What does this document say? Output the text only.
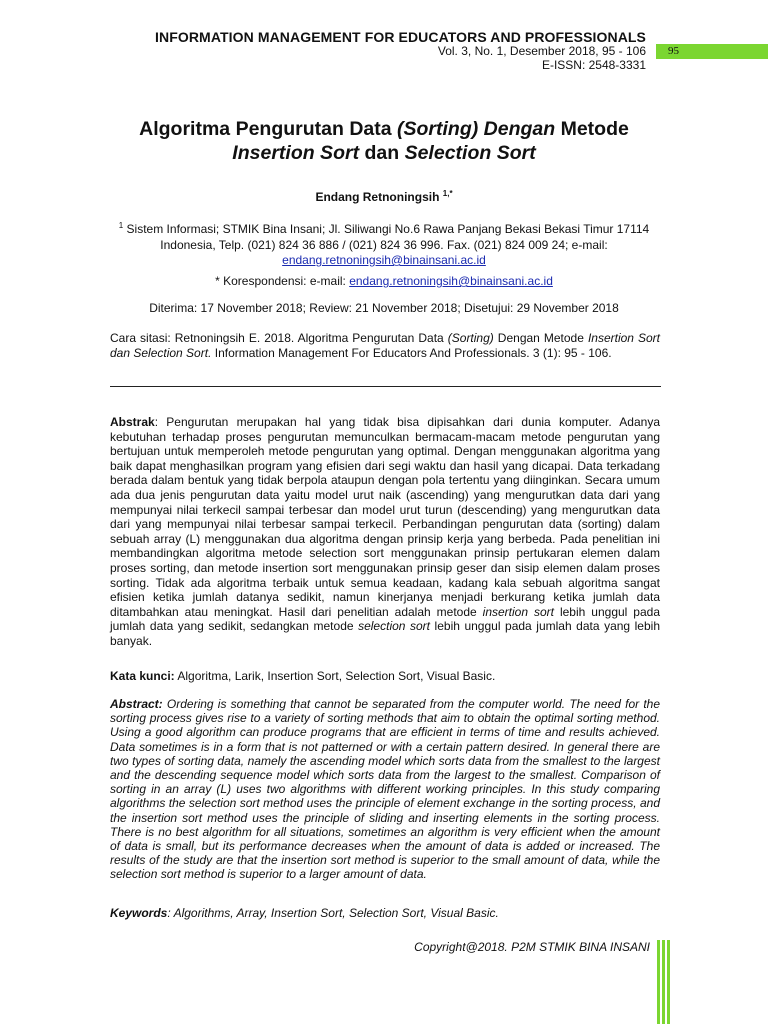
INFORMATION MANAGEMENT FOR EDUCATORS AND PROFESSIONALS
Vol. 3, No. 1, Desember 2018, 95 - 106
E-ISSN: 2548-3331
95
Algoritma Pengurutan Data (Sorting) Dengan Metode
Insertion Sort dan Selection Sort
Endang Retnoningsih $^{1,*}$
$^1$ Sistem Informasi; STMIK Bina Insani; Jl. Siliwangi No.6 Rawa Panjang Bekasi Bekasi Timur 17114 Indonesia, Telp. (021) 824 36 886 / (021) 824 36 996. Fax. (021) 824 009 24; e-mail:
endang.retnoningsih@binainsani.ac.id
* Korespondensi: e-mail: endang.retnoningsih@binainsani.ac.id
Diterima: 17 November 2018; Review: 21 November 2018; Disetujui: 29 November 2018
Cara sitasi: Retnoningsih E. 2018. Algoritma Pengurutan Data (Sorting) Dengan Metode Insertion Sort dan Selection Sort. Information Management For Educators And Professionals. 3 (1): 95 - 106.
Abstrak: Pengurutan merupakan hal yang tidak bisa dipisahkan dari dunia komputer. Adanya kebutuhan terhadap proses pengurutan memunculkan bermacam-macam metode pengurutan yang bertujuan untuk memperoleh metode pengurutan yang optimal. Dengan menggunakan algoritma yang baik dapat menghasilkan program yang efisien dari segi waktu dan hasil yang dicapai. Data terkadang berada dalam bentuk yang tidak berpola ataupun dengan pola tertentu yang diinginkan. Secara umum ada dua jenis pengurutan data yaitu model urut naik (ascending) yang mengurutkan data dari yang mempunyai nilai terkecil sampai terbesar dan model urut turun (descending) yang mengurutkan data dari yang mempunyai nilai terbesar sampai terkecil. Perbandingan pengurutan data (sorting) dalam sebuah array (L) menggunakan dua algoritma dengan prinsip kerja yang berbeda. Pada penelitian ini membandingkan algoritma metode selection sort menggunakan prinsip pertukaran elemen dalam proses sorting, dan metode insertion sort menggunakan prinsip geser dan sisip elemen dalam proses sorting. Tidak ada algoritma terbaik untuk semua keadaan, kadang kala sebuah algoritma sangat efisien ketika jumlah datanya sedikit, namun kinerjanya menjadi berkurang ketika jumlah data ditambahkan atau meningkat. Hasil dari penelitian adalah metode insertion sort lebih unggul pada jumlah data yang sedikit, sedangkan metode selection sort lebih unggul pada jumlah data yang lebih banyak.
Kata kunci: Algoritma, Larik, Insertion Sort, Selection Sort, Visual Basic.
Abstract: Ordering is something that cannot be separated from the computer world. The need for the sorting process gives rise to a variety of sorting methods that aim to obtain the optimal sorting method. Using a good algorithm can produce programs that are efficient in terms of time and results achieved. Data sometimes is in a form that is not patterned or with a certain pattern desired. In general there are two types of sorting data, namely the ascending model which sorts data from the smallest to the largest and the descending sequence model which sorts data from the largest to the smallest. Comparison of sorting in an array (L) uses two algorithms with different working principles. In this study comparing algorithms the selection sort method uses the principle of element exchange in the sorting process, and the insertion sort method uses the principle of sliding and inserting elements in the sorting process. There is no best algorithm for all situations, sometimes an algorithm is very efficient when the amount of data is small, but its performance decreases when the amount of data is added or increased. The results of the study are that the insertion sort method is superior to the small amount of data, while the selection sort method is superior to a larger amount of data.
Keywords: Algorithms, Array, Insertion Sort, Selection Sort, Visual Basic.
Copyright@2018. P2M STMIK BINA INSANI
